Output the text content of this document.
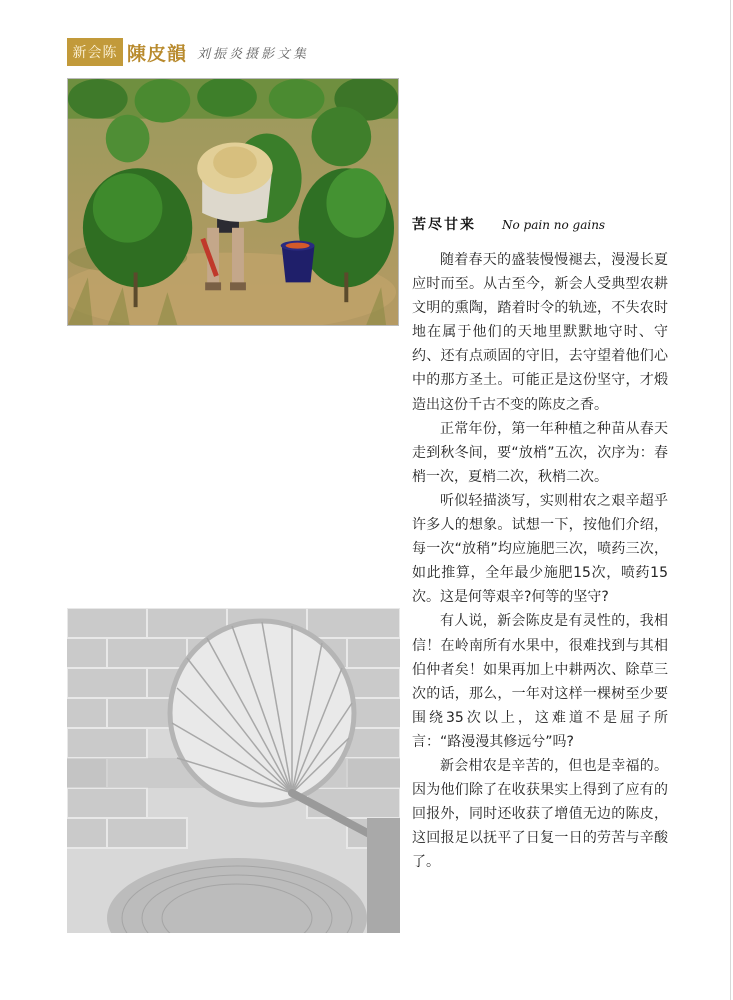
新会陈 陳皮韻 刘振炎摄影文集
苦尽甘来 No pain no gains

随着春天的盛装慢慢褪去，漫漫长夏应时而至。从古至今，新会人受典型农耕文明的熏陶，踏着时令的轨迹，不失农时地在属于他们的天地里默默地守时、守约、还有点顽固的守旧，去守望着他们心中的那方圣土。可能正是这份坚守，才煅造出这份千古不变的陈皮之香。

正常年份，第一年种植之种苗从春天走到秋冬间，要“放梢”五次，次序为：春梢一次，夏梢二次，秋梢二次。

听似轻描淡写，实则柑农之艰辛超乎许多人的想象。试想一下，按他们介绍，每一次“放稍”均应施肥三次，喷药三次，如此推算，全年最少施肥15次，喷药15次。这是何等艰辛?何等的坚守?

有人说，新会陈皮是有灵性的，我相信！在岭南所有水果中，很难找到与其相伯仲者矣！如果再加上中耕两次、除草三次的话，那么，一年对这样一棵树至少要围绕35次以上，这难道不是屈子所言：“路漫漫其修远兮”吗?

新会柑农是辛苦的，但也是幸福的。因为他们除了在收获果实上得到了应有的回报外，同时还收获了增值无边的陈皮，这回报足以抚平了日复一日的劳苦与辛酸了。
